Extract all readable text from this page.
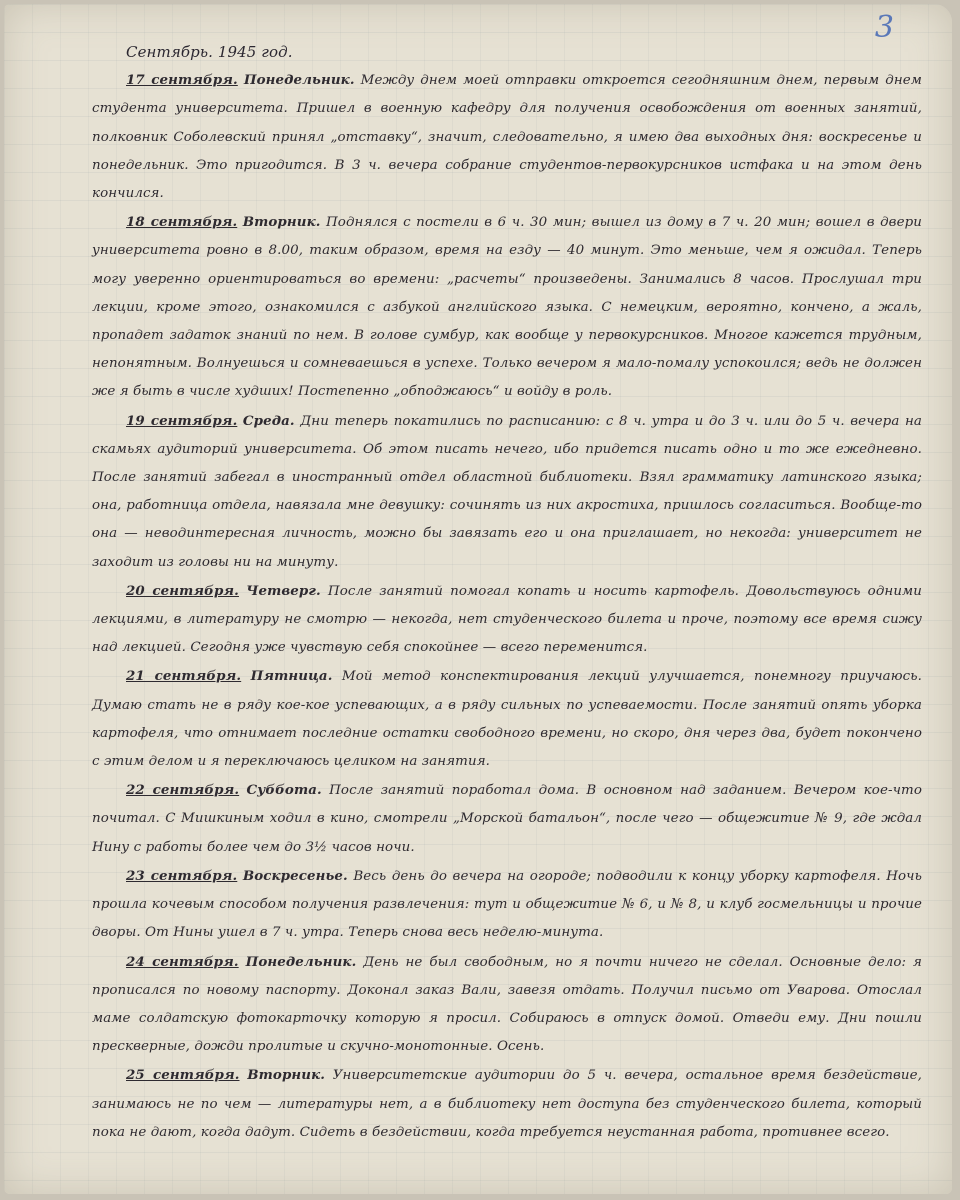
3
Сентябрь. 1945 год.

17 сентября. Понедельник. Между днем моей отправки откроется сегодняшним днем, первым днем студента университета. Пришел в военную кафедру для получения освобождения от военных занятий, полковник Соболевский принял „отставку“, значит, следовательно, я имею два выходных дня: воскресенье и понедельник. Это пригодится. В 3 ч. вечера собрание студентов-первокурсников истфака и на этом день кончился.

18 сентября. Вторник. Поднялся с постели в 6 ч. 30 мин; вышел из дому в 7 ч. 20 мин; вошел в двери университета ровно в 8.00, таким образом, время на езду — 40 минут. Это меньше, чем я ожидал. Теперь могу уверенно ориентироваться во времени: „расчеты“ произведены. Занимались 8 часов. Прослушал три лекции, кроме этого, ознакомился с азбукой английского языка. С немецким, вероятно, кончено, а жаль, пропадет задаток знаний по нем. В голове сумбур, как вообще у первокурсников. Многое кажется трудным, непонятным. Волнуешься и сомневаешься в успехе. Только вечером я мало-помалу успокоился; ведь не должен же я быть в числе худших! Постепенно „обподжаюсь“ и войду в роль.

19 сентября. Среда. Дни теперь покатились по расписанию: с 8 ч. утра и до 3 ч. или до 5 ч. вечера на скамьях аудиторий университета. Об этом писать нечего, ибо придется писать одно и то же ежедневно. После занятий забегал в иностранный отдел областной библиотеки. Взял грамматику латинского языка; она, работница отдела, навязала мне девушку: сочинять из них акростиха, пришлось согласиться. Вообще-то она — неводинтересная личность, можно бы завязать его и она приглашает, но некогда: университет не заходит из головы ни на минуту.

20 сентября. Четверг. После занятий помогал копать и носить картофель. Довольствуюсь одними лекциями, в литературу не смотрю — некогда, нет студенческого билета и проче, поэтому все время сижу над лекцией. Сегодня уже чувствую себя спокойнее — всего переменится.

21 сентября. Пятница. Мой метод конспектирования лекций улучшается, понемногу приучаюсь. Думаю стать не в ряду кое-кое успевающих, а в ряду сильных по успеваемости. После занятий опять уборка картофеля, что отнимает последние остатки свободного времени, но скоро, дня через два, будет покончено с этим делом и я переключаюсь целиком на занятия.

22 сентября. Суббота. После занятий поработал дома. В основном над заданием. Вечером кое-что почитал. С Мишкиным ходил в кино, смотрели „Морской батальон“, после чего — общежитие № 9, где ждал Нину с работы более чем до 3½ часов ночи.

23 сентября. Воскресенье. Весь день до вечера на огороде; подводили к концу уборку картофеля. Ночь прошла кочевым способом получения развлечения: тут и общежитие № 6, и № 8, и клуб госмельницы и прочие дворы. От Нины ушел в 7 ч. утра. Теперь снова весь неделю-минута.

24 сентября. Понедельник. День не был свободным, но я почти ничего не сделал. Основные дело: я прописался по новому паспорту. Доконал заказ Вали, завезя отдать. Получил письмо от Уварова. Отослал маме солдатскую фотокарточку которую я просил. Собираюсь в отпуск домой. Отведи ему. Дни пошли прескверные, дожди пролитые и скучно-монотонные. Осень.

25 сентября. Вторник. Университетские аудитории до 5 ч. вечера, остальное время бездействие, занимаюсь не по чем — литературы нет, а в библиотеку нет доступа без студенческого билета, который пока не дают, когда дадут. Сидеть в бездействии, когда требуется неустанная работа, противнее всего.
